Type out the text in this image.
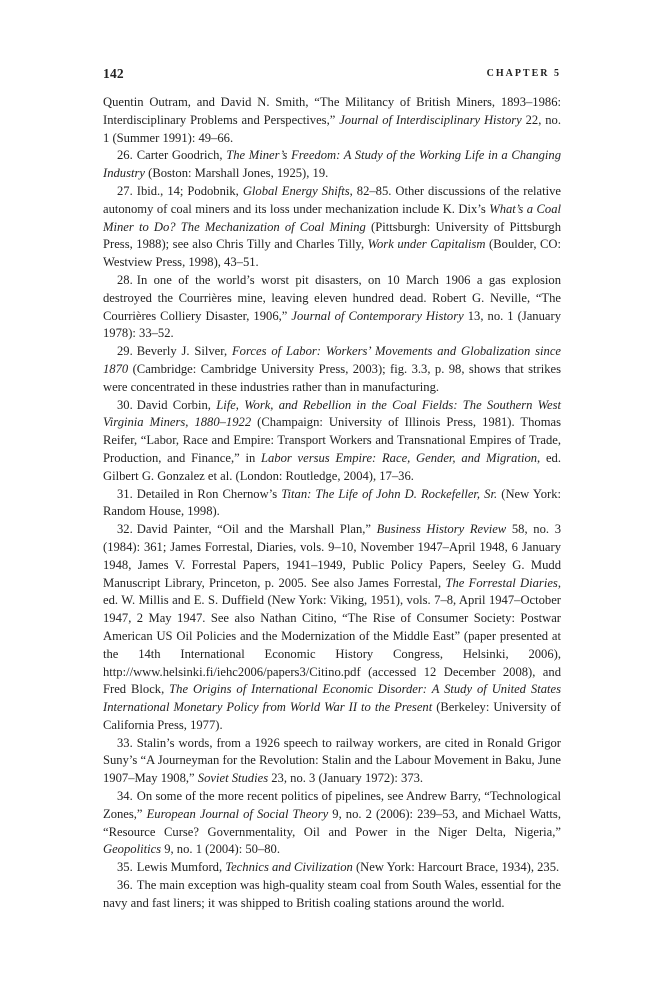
142	CHAPTER 5

Quentin Outram, and David N. Smith, “The Militancy of British Miners, 1893–1986: Interdisciplinary Problems and Perspectives,” Journal of Interdisciplinary History 22, no. 1 (Summer 1991): 49–66.

26. Carter Goodrich, The Miner’s Freedom: A Study of the Working Life in a Changing Industry (Boston: Marshall Jones, 1925), 19.

27. Ibid., 14; Podobnik, Global Energy Shifts, 82–85. Other discussions of the relative autonomy of coal miners and its loss under mechanization include K. Dix’s What’s a Coal Miner to Do? The Mechanization of Coal Mining (Pittsburgh: University of Pittsburgh Press, 1988); see also Chris Tilly and Charles Tilly, Work under Capitalism (Boulder, CO: Westview Press, 1998), 43–51.

28. In one of the world’s worst pit disasters, on 10 March 1906 a gas explosion destroyed the Courrières mine, leaving eleven hundred dead. Robert G. Neville, “The Courrières Colliery Disaster, 1906,” Journal of Contemporary History 13, no. 1 (January 1978): 33–52.

29. Beverly J. Silver, Forces of Labor: Workers’ Movements and Globalization since 1870 (Cambridge: Cambridge University Press, 2003); fig. 3.3, p. 98, shows that strikes were concentrated in these industries rather than in manufacturing.

30. David Corbin, Life, Work, and Rebellion in the Coal Fields: The Southern West Virginia Miners, 1880–1922 (Champaign: University of Illinois Press, 1981). Thomas Reifer, “Labor, Race and Empire: Transport Workers and Transnational Empires of Trade, Production, and Finance,” in Labor versus Empire: Race, Gender, and Migration, ed. Gilbert G. Gonzalez et al. (London: Routledge, 2004), 17–36.

31. Detailed in Ron Chernow’s Titan: The Life of John D. Rockefeller, Sr. (New York: Random House, 1998).

32. David Painter, “Oil and the Marshall Plan,” Business History Review 58, no. 3 (1984): 361; James Forrestal, Diaries, vols. 9–10, November 1947–April 1948, 6 January 1948, James V. Forrestal Papers, 1941–1949, Public Policy Papers, Seeley G. Mudd Manuscript Library, Princeton, p. 2005. See also James Forrestal, The Forrestal Diaries, ed. W. Millis and E. S. Duffield (New York: Viking, 1951), vols. 7–8, April 1947–October 1947, 2 May 1947. See also Nathan Citino, “The Rise of Consumer Society: Postwar American US Oil Policies and the Modernization of the Middle East” (paper presented at the 14th International Economic History Congress, Helsinki, 2006), http://www.helsinki.fi/iehc2006/papers3/Citino.pdf (accessed 12 December 2008), and Fred Block, The Origins of International Economic Disorder: A Study of United States International Monetary Policy from World War II to the Present (Berkeley: University of California Press, 1977).

33. Stalin’s words, from a 1926 speech to railway workers, are cited in Ronald Grigor Suny’s “A Journeyman for the Revolution: Stalin and the Labour Movement in Baku, June 1907–May 1908,” Soviet Studies 23, no. 3 (January 1972): 373.

34. On some of the more recent politics of pipelines, see Andrew Barry, “Technological Zones,” European Journal of Social Theory 9, no. 2 (2006): 239–53, and Michael Watts, “Resource Curse? Governmentality, Oil and Power in the Niger Delta, Nigeria,” Geopolitics 9, no. 1 (2004): 50–80.

35. Lewis Mumford, Technics and Civilization (New York: Harcourt Brace, 1934), 235.

36. The main exception was high-quality steam coal from South Wales, essential for the navy and fast liners; it was shipped to British coaling stations around the world.
